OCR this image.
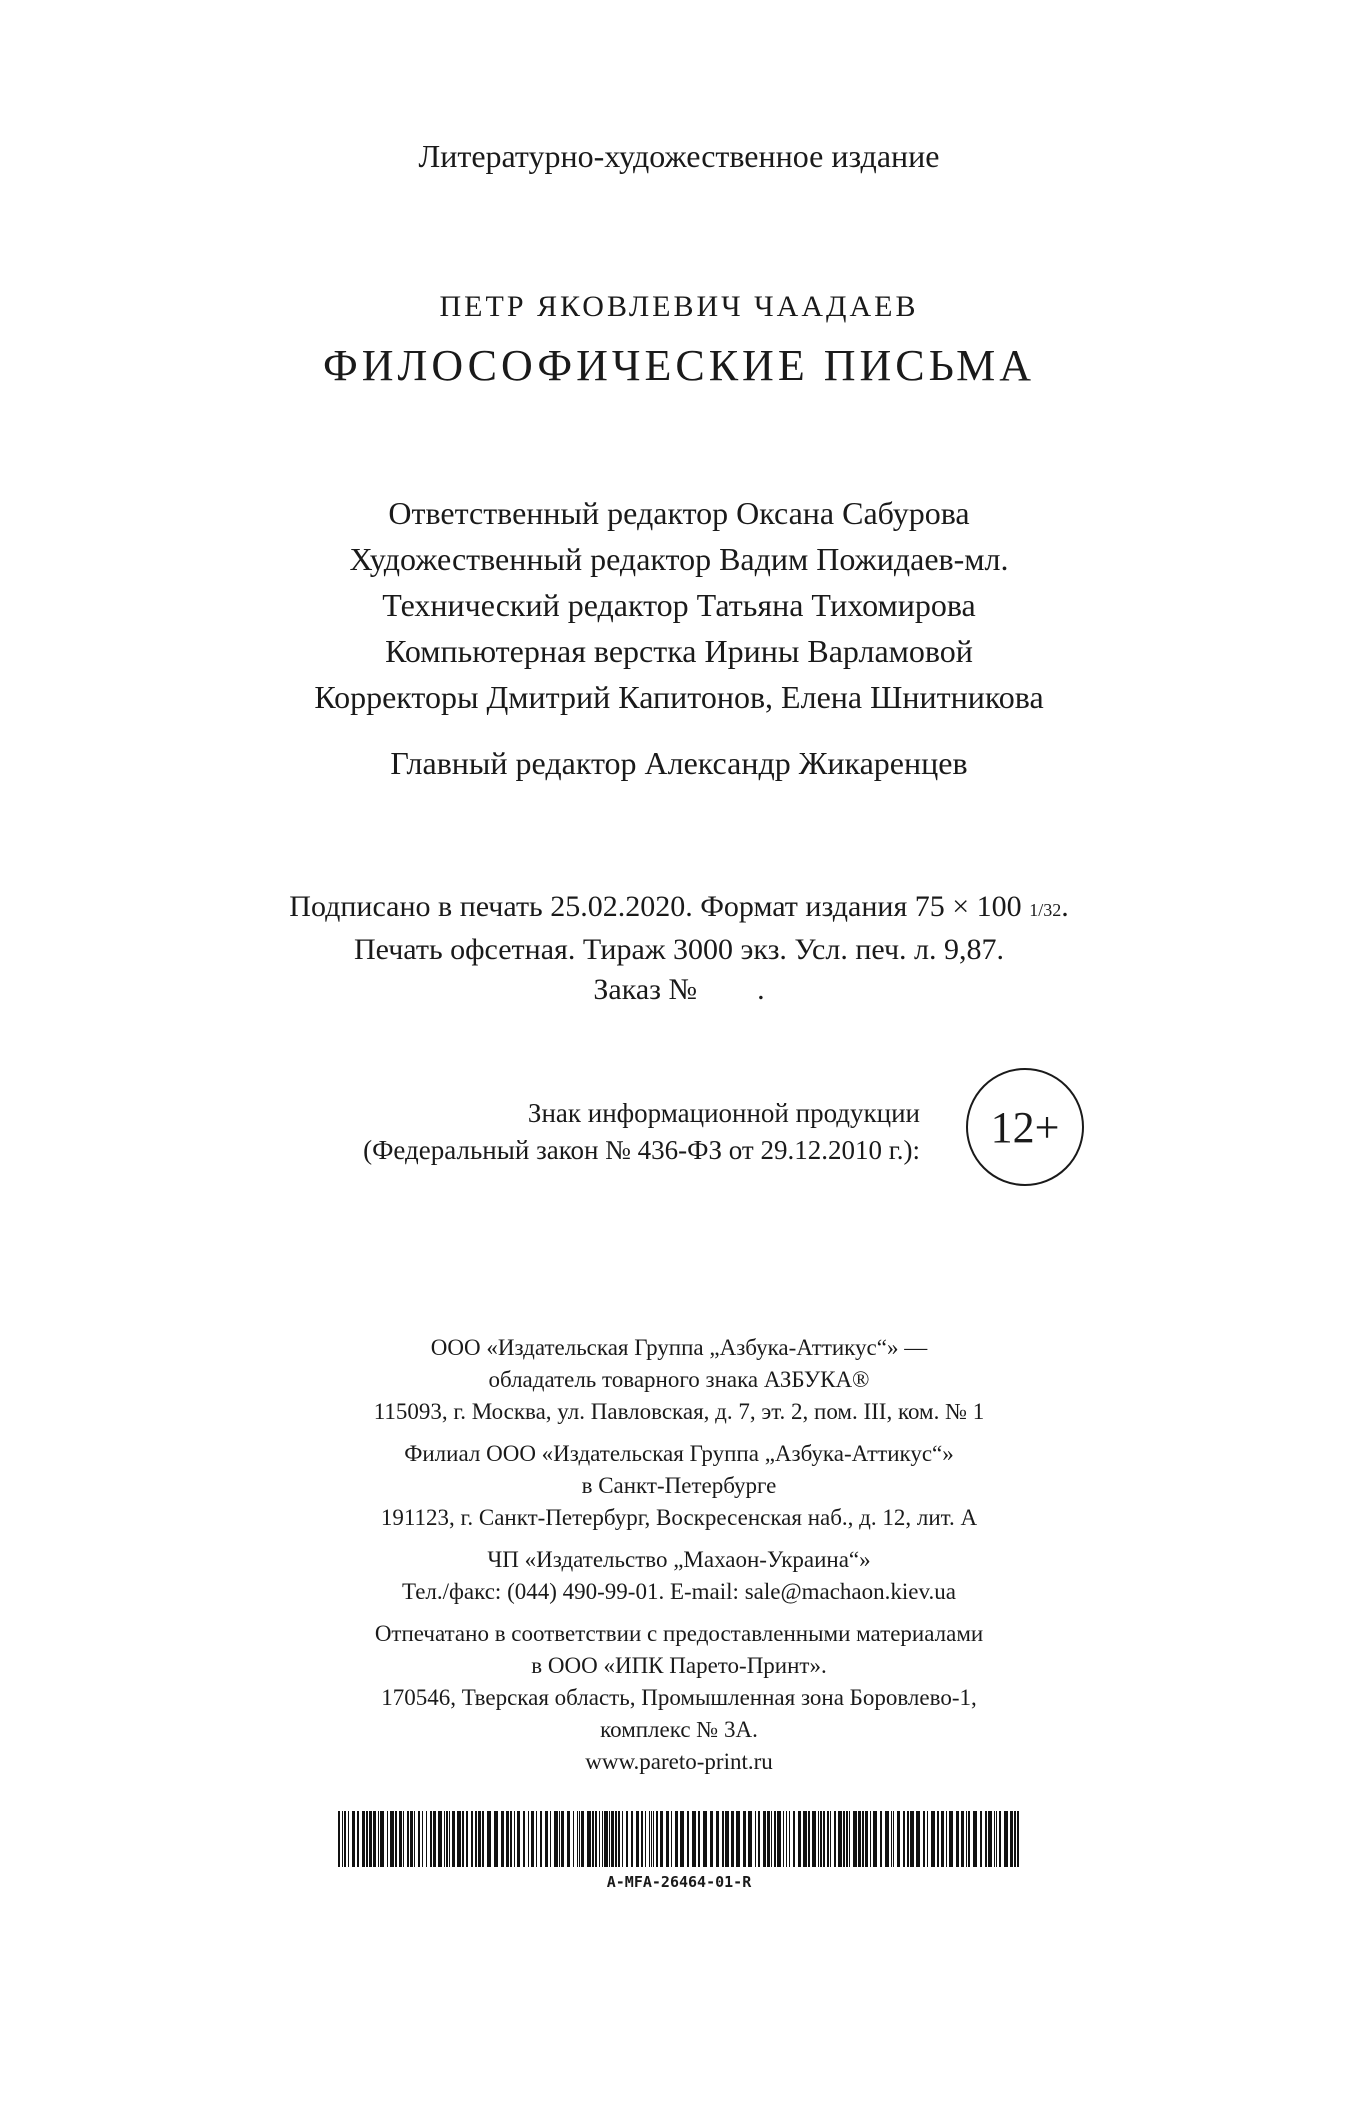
Литературно-художественное издание
ПЕТР ЯКОВЛЕВИЧ ЧААДАЕВ
ФИЛОСОФИЧЕСКИЕ ПИСЬМА
Ответственный редактор Оксана Сабурова
Художественный редактор Вадим Пожидаев-мл.
Технический редактор Татьяна Тихомирова
Компьютерная верстка Ирины Варламовой
Корректоры Дмитрий Капитонов, Елена Шнитникова
Главный редактор Александр Жикаренцев
Подписано в печать 25.02.2020. Формат издания 75 × 100 1/32.
Печать офсетная. Тираж 3000 экз. Усл. печ. л. 9,87.
Заказ №        .
Знак информационной продукции
(Федеральный закон № 436-ФЗ от 29.12.2010 г.): 12+
ООО «Издательская Группа „Азбука-Аттикус“» —
обладатель товарного знака АЗБУКА®
115093, г. Москва, ул. Павловская, д. 7, эт. 2, пом. III, ком. № 1
Филиал ООО «Издательская Группа „Азбука-Аттикус“»
в Санкт-Петербурге
191123, г. Санкт-Петербург, Воскресенская наб., д. 12, лит. А
ЧП «Издательство „Махаон-Украина“»
Тел./факс: (044) 490-99-01. E-mail: sale@machaon.kiev.ua
Отпечатано в соответствии с предоставленными материалами
в ООО «ИПК Парето-Принт».
170546, Тверская область, Промышленная зона Боровлево-1,
комплекс № 3А.
www.pareto-print.ru
A-MFA-26464-01-R
